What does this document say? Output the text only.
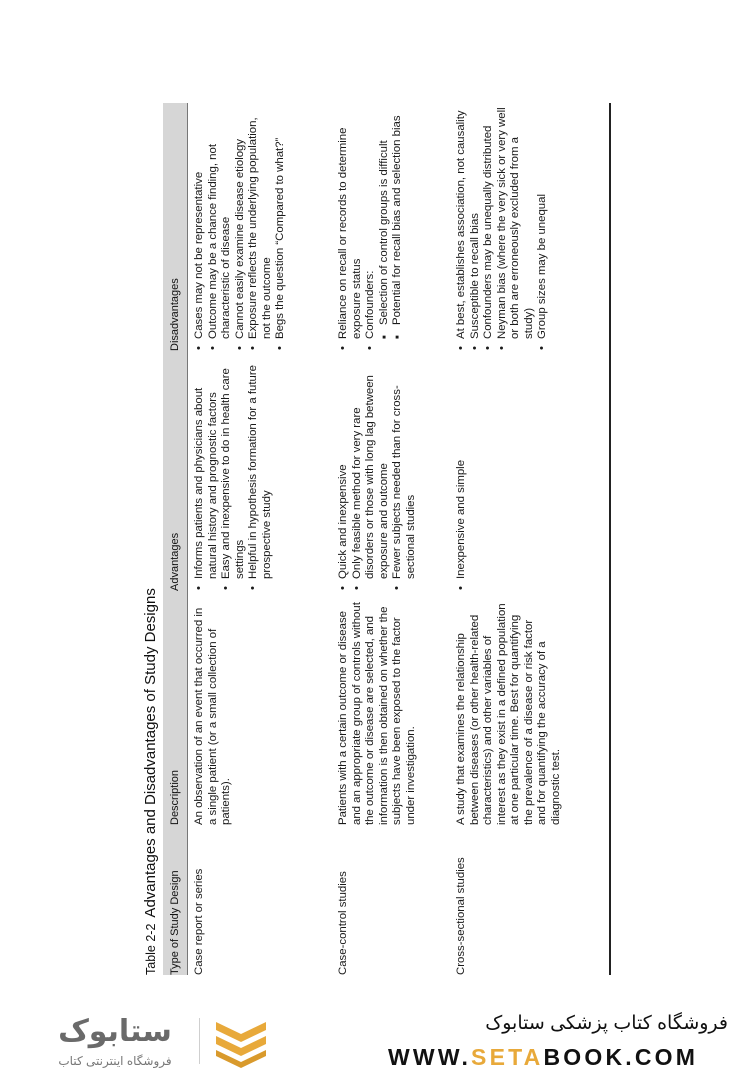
Table 2-2Advantages and Disadvantages of Study Designs
Type of Study Design
Description
Advantages
Disadvantages
Case report or series
An observation of an event that occurred in a single patient (or a small collection of patients).
• Informs patients and physicians about natural history and prognostic factors • Easy and inexpensive to do in health care settings • Helpful in hypothesis formation for a future prospective study
• Cases may not be representative • Outcome may be a chance finding, not characteristic of disease • Cannot easily examine disease etiology • Exposure reflects the underlying population, not the outcome • Begs the question “Compared to what?”
Case-control studies
Patients with a certain outcome or disease and an appropriate group of controls without the outcome or disease are selected, and information is then obtained on whether the subjects have been exposed to the factor under investigation.
• Quick and inexpensive • Only feasible method for very rare disorders or those with long lag between exposure and outcome • Fewer subjects needed than for cross-sectional studies
• Reliance on recall or records to determine exposure status • Confounders: ■ Selection of control groups is difficult ■ Potential for recall bias and selection bias
Cross-sectional studies
A study that examines the relationship between diseases (or other health-related characteristics) and other variables of interest as they exist in a defined population at one particular time. Best for quantifying the prevalence of a disease or risk factor and for quantifying the accuracy of a diagnostic test.
• Inexpensive and simple
• At best, establishes association, not causality • Susceptible to recall bias • Confounders may be unequally distributed • Neyman bias (where the very sick or very well or both are erroneously excluded from a study) • Group sizes may be unequal
ستابوک
فروشگاه اینترنتی کتاب
فروشگاه کتاب پزشکی ستابوک
WWW.SETABOOK.COM
